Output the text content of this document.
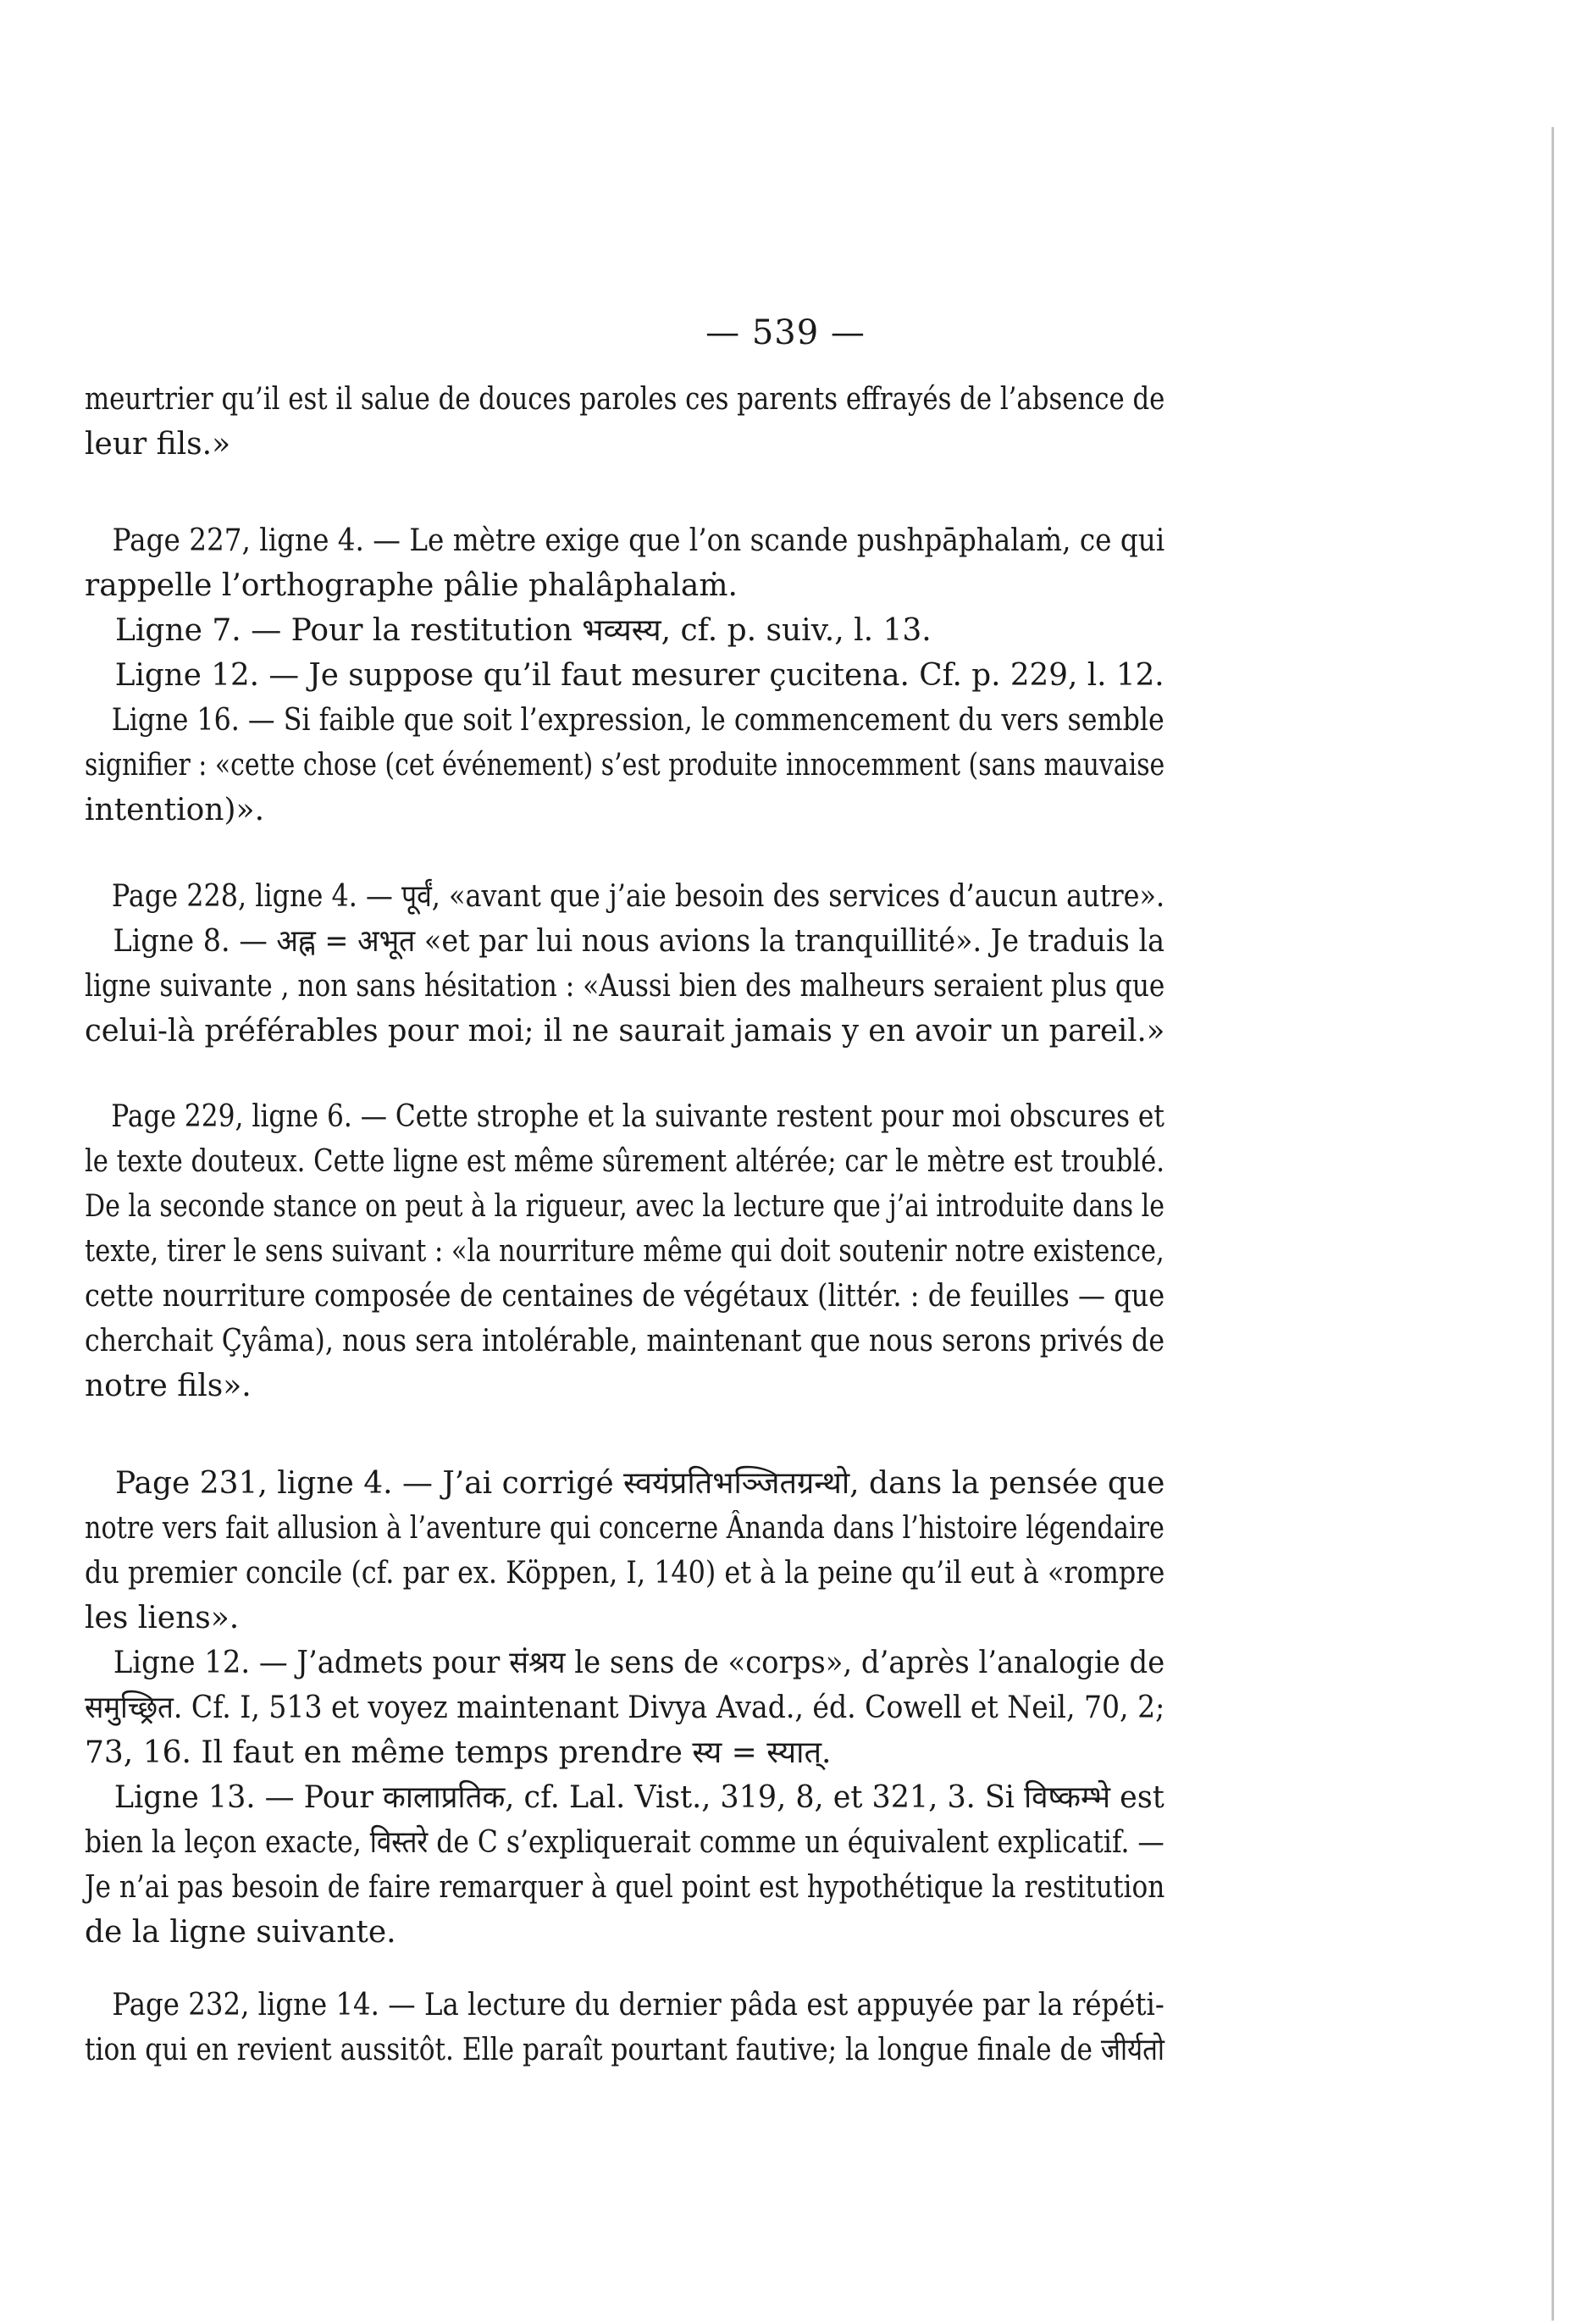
— 539 —
meurtrier qu’il est il salue de douces paroles ces parents effrayés de l’absence de
leur fils.»
Page 227, ligne 4. — Le mètre exige que l’on scande pushpāphalaṁ, ce qui
rappelle l’orthographe pâlie phalâphalaṁ.
Ligne 7. — Pour la restitution भव्यस्य, cf. p. suiv., l. 13.
Ligne 12. — Je suppose qu’il faut mesurer çucitena. Cf. p. 229, l. 12.
Ligne 16. — Si faible que soit l’expression, le commencement du vers semble
signifier : «cette chose (cet événement) s’est produite innocemment (sans mauvaise
intention)».
Page 228, ligne 4. — पूर्वं, «avant que j’aie besoin des services d’aucun autre».
Ligne 8. — अह्न = अभूत «et par lui nous avions la tranquillité». Je traduis la
ligne suivante , non sans hésitation : «Aussi bien des malheurs seraient plus que
celui-là préférables pour moi; il ne saurait jamais y en avoir un pareil.»
Page 229, ligne 6. — Cette strophe et la suivante restent pour moi obscures et
le texte douteux. Cette ligne est même sûrement altérée; car le mètre est troublé.
De la seconde stance on peut à la rigueur, avec la lecture que j’ai introduite dans le
texte, tirer le sens suivant : «la nourriture même qui doit soutenir notre existence,
cette nourriture composée de centaines de végétaux (littér. : de feuilles — que
cherchait Çyâma), nous sera intolérable, maintenant que nous serons privés de
notre fils».
Page 231, ligne 4. — J’ai corrigé स्वयंप्रतिभञ्जितग्रन्थो, dans la pensée que
notre vers fait allusion à l’aventure qui concerne Ânanda dans l’histoire légendaire
du premier concile (cf. par ex. Köppen, I, 140) et à la peine qu’il eut à «rompre
les liens».
Ligne 12. — J’admets pour संश्रय le sens de «corps», d’après l’analogie de
समुच्छ्रित. Cf. I, 513 et voyez maintenant Divya Avad., éd. Cowell et Neil, 70, 2;
73, 16. Il faut en même temps prendre स्य = स्यात्.
Ligne 13. — Pour कालाप्रतिक, cf. Lal. Vist., 319, 8, et 321, 3. Si विष्कम्भे est
bien la leçon exacte, विस्तरे de C s’expliquerait comme un équivalent explicatif. —
Je n’ai pas besoin de faire remarquer à quel point est hypothétique la restitution
de la ligne suivante.
Page 232, ligne 14. — La lecture du dernier pâda est appuyée par la répéti-
tion qui en revient aussitôt. Elle paraît pourtant fautive; la longue finale de जीर्यतो
